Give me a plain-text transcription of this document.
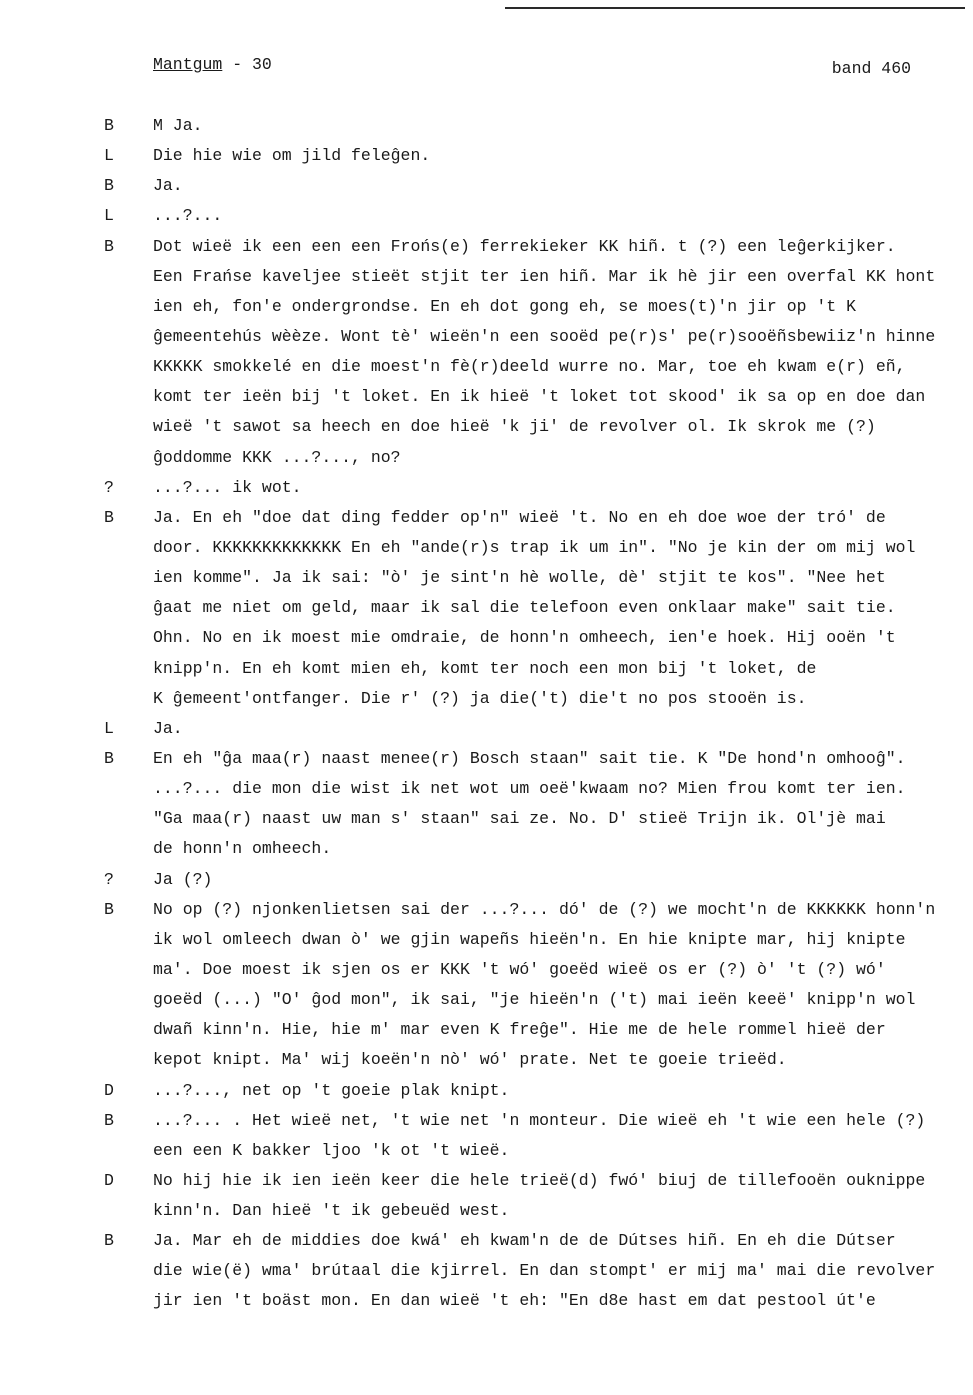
Mantgum - 30	band 460
B	M Ja.
L	Die hie wie om jild feleĝen.
B	Ja.
L	...?...
B	Dot wieë ik een een een Frońs(e) ferrekieker KK hiñ. t (?) een leĝerkijker.
Een Frańse kaveljee stieët stjit ter ien hiñ. Mar ik hè jir een overfal KK hont
ien eh, fon'e ondergrondse. En eh dot gong eh, se moes(t)'n jir op 't K
ĝemeentehús wèèze. Wont tè' wieën'n een sooëd pe(r)s' pe(r)sooëñsbewiiz'n hinne
KKKKK smokkelé en die moest'n fè(r)deeld wurre no. Mar, toe eh kwam e(r) eñ,
komt ter ieën bij 't loket. En ik hieë 't loket tot skood' ik sa op en doe dan
wieë 't sawot sa heech en doe hieë 'k ji' de revolver ol. Ik skrok me (?)
ĝoddomme KKK ...?..., no?
?	...?... ik wot.
B	Ja. En eh "doe dat ding fedder op'n" wieë 't. No en eh doe woe der tró' de
door. KKKKKKKKKKKKK En eh "ande(r)s trap ik um in". "No je kin der om mij wol
ien komme". Ja ik sai: "ò' je sint'n hè wolle, dè' stjit te kos". "Nee het
ĝaat me niet om geld, maar ik sal die telefoon even onklaar make" sait tie.
Ohn. No en ik moest mie omdraie, de honn'n omheech, ien'e hoek. Hij ooën 't
knipp'n. En eh komt mien eh, komt ter noch een mon bij 't loket, de
K ĝemeent'ontfanger. Die r' (?) ja die('t) die't no pos stooën is.
L	Ja.
B	En eh "ĝa maa(r) naast menee(r) Bosch staan" sait tie. K "De hond'n omhooĝ".
...?... die mon die wist ik net wot um oeë'kwaam no? Mien frou komt ter ien.
"Ga maa(r) naast uw man s' staan" sai ze. No. D' stieë Trijn ik. Ol'jè mai
de honn'n omheech.
?	Ja (?)
B	No op (?) njonkenlietsen sai der ...?... dó' de (?) we mocht'n de KKKKKK honn'n
ik wol omleech dwan ò' we gjin wapeñs hieën'n. En hie knipte mar, hij knipte
ma'. Doe moest ik sjen os er KKK 't wó' goeëd wieë os er (?) ò' 't (?) wó'
goeëd (...) "O' ĝod mon", ik sai, "je hieën'n ('t) mai ieën keeë' knipp'n wol
dwañ kinn'n. Hie, hie m' mar even K freĝe". Hie me de hele rommel hieë der
kepot knipt. Ma' wij koeën'n nò' wó' prate. Net te goeie trieëd.
D	...?..., net op 't goeie plak knipt.
B	...?... . Het wieë net, 't wie net 'n monteur. Die wieë eh 't wie een hele (?)
een een K bakker ljoo 'k ot 't wieë.
D	No hij hie ik ien ieën keer die hele trieë(d) fwó' biuj de tillefooën ouknippe
kinn'n. Dan hieë 't ik gebeuëd west.
B	Ja. Mar eh de middies doe kwá' eh kwam'n de de Dútses hiñ. En eh die Dútser
die wie(ë) wma' brútaal die kjirrel. En dan stompt' er mij ma' mai die revolver
jir ien 't boäst mon. En dan wieë 't eh: "En d8e hast em dat pestool út'e
